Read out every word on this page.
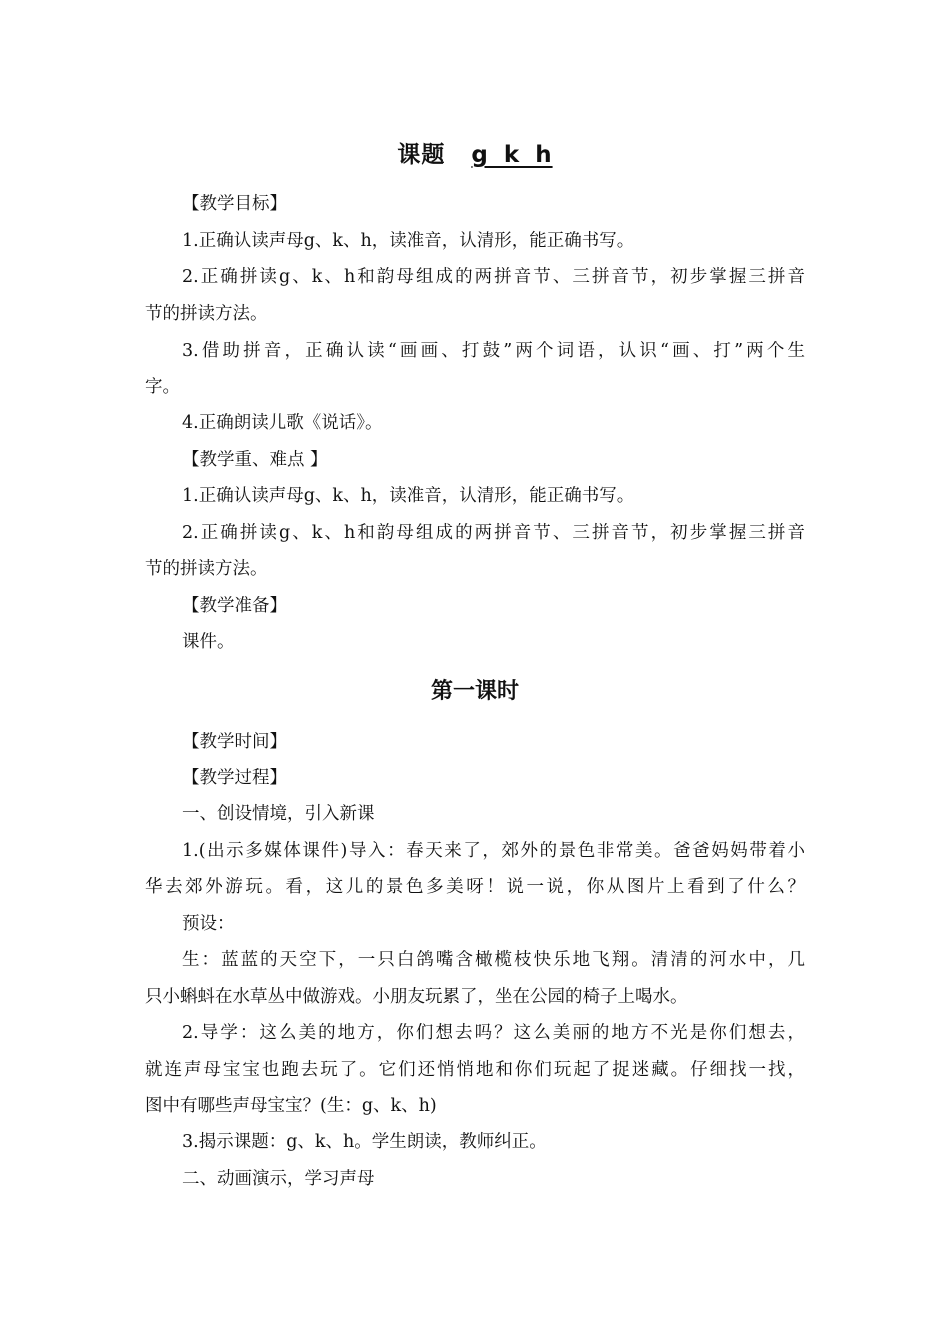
课题 g k h
【教学目标】
1.正确认读声母g、k、h，读准音，认清形，能正确书写。
2.正确拼读g、k、h和韵母组成的两拼音节、三拼音节，初步掌握三拼音
节的拼读方法。
3.借助拼音，正确认读“画画、打鼓”两个词语，认识“画、打”两个生
字。
4.正确朗读儿歌《说话》。
【教学重、难点 】
1.正确认读声母g、k、h，读准音，认清形，能正确书写。
2.正确拼读g、k、h和韵母组成的两拼音节、三拼音节，初步掌握三拼音
节的拼读方法。
【教学准备】
课件。
第一课时
【教学时间】
【教学过程】
一、创设情境，引入新课
1.(出示多媒体课件)导入：春天来了，郊外的景色非常美。爸爸妈妈带着小
华去郊外游玩。看，这儿的景色多美呀！说一说，你从图片上看到了什么？
预设：
生：蓝蓝的天空下，一只白鸽嘴含橄榄枝快乐地飞翔。清清的河水中，几
只小蝌蚪在水草丛中做游戏。小朋友玩累了，坐在公园的椅子上喝水。
2.导学：这么美的地方，你们想去吗？这么美丽的地方不光是你们想去，
就连声母宝宝也跑去玩了。它们还悄悄地和你们玩起了捉迷藏。仔细找一找，
图中有哪些声母宝宝？(生：g、k、h)
3.揭示课题：g、k、h。学生朗读，教师纠正。
二、动画演示，学习声母
